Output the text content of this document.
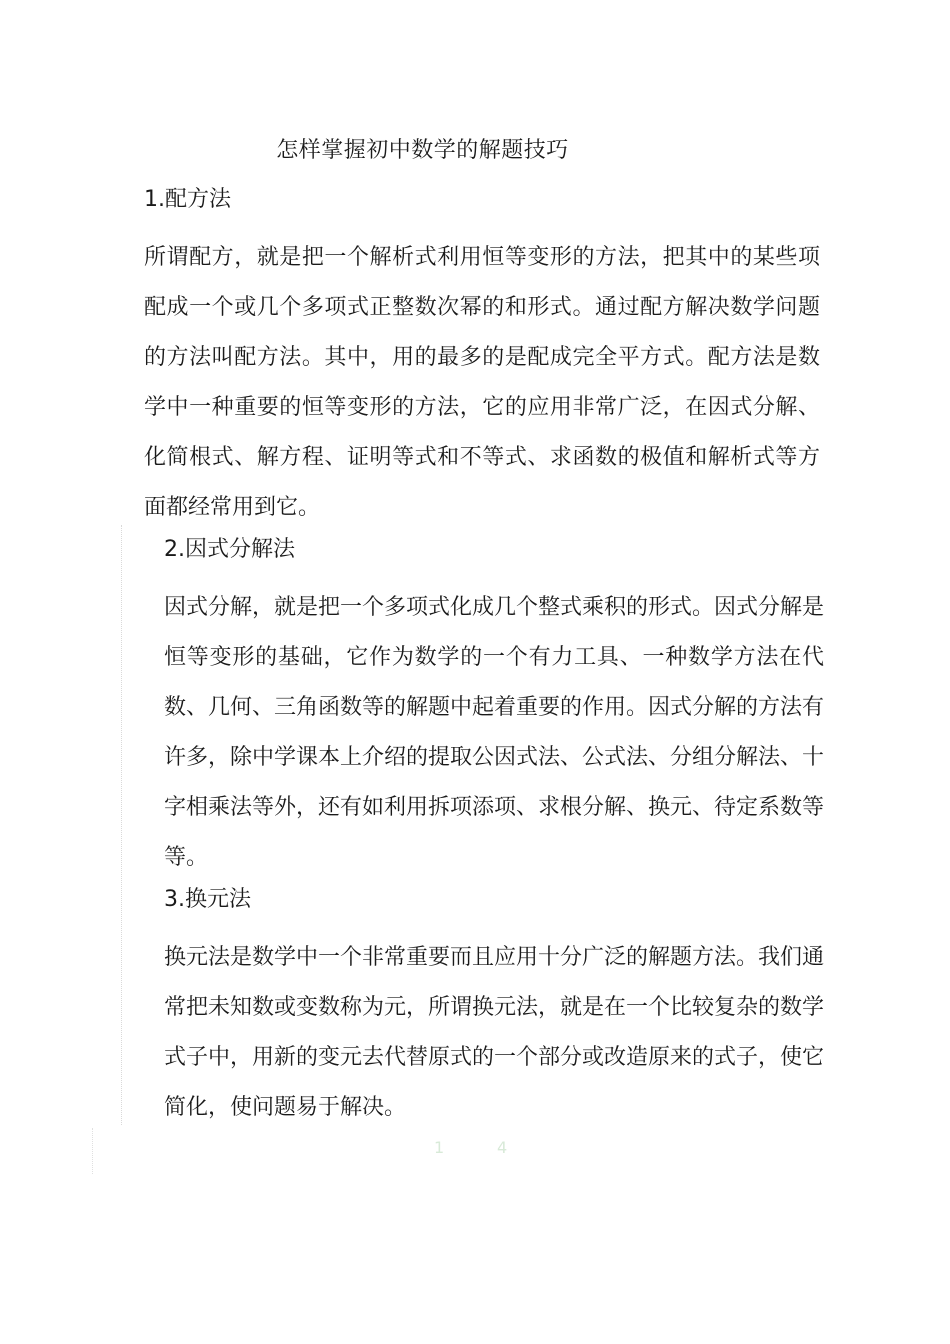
怎样掌握初中数学的解题技巧
1.配方法

所谓配方，就是把一个解析式利用恒等变形的方法，把其中的某些项配成一个或几个多项式正整数次幂的和形式。通过配方解决数学问题的方法叫配方法。其中，用的最多的是配成完全平方式。配方法是数学中一种重要的恒等变形的方法，它的应用非常广泛，在因式分解、化简根式、解方程、证明等式和不等式、求函数的极值和解析式等方面都经常用到它。

2.因式分解法

因式分解，就是把一个多项式化成几个整式乘积的形式。因式分解是恒等变形的基础，它作为数学的一个有力工具、一种数学方法在代数、几何、三角函数等的解题中起着重要的作用。因式分解的方法有许多，除中学课本上介绍的提取公因式法、公式法、分组分解法、十字相乘法等外，还有如利用拆项添项、求根分解、换元、待定系数等等。

3.换元法

换元法是数学中一个非常重要而且应用十分广泛的解题方法。我们通常把未知数或变数称为元，所谓换元法，就是在一个比较复杂的数学式子中，用新的变元去代替原式的一个部分或改造原来的式子，使它简化，使问题易于解决。

1	4
